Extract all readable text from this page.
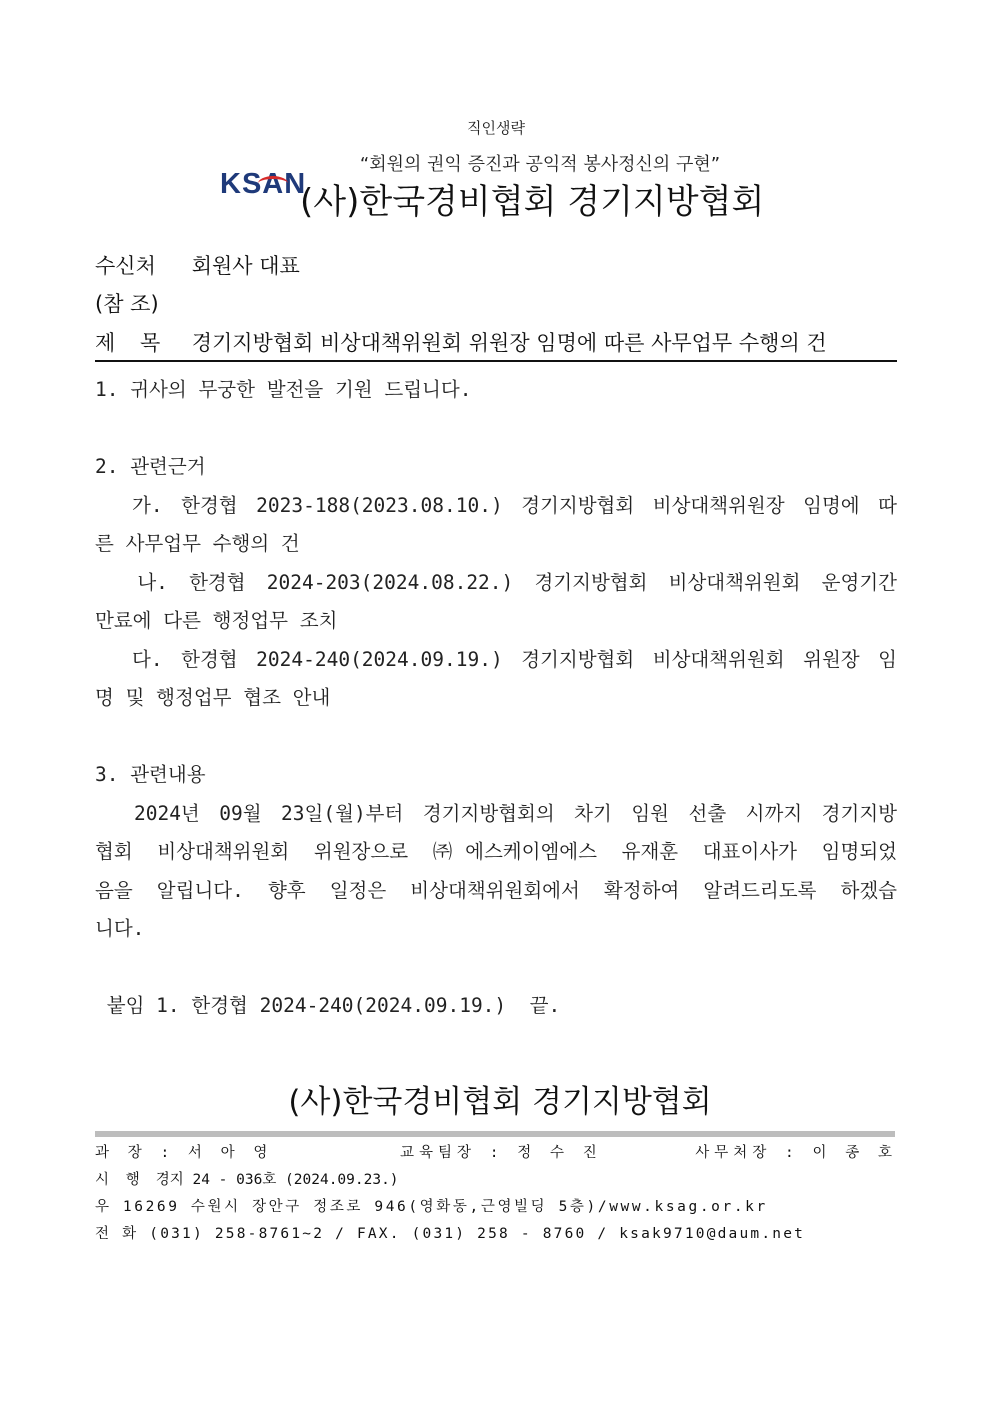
직인생략
“회원의 권익 증진과 공익적 봉사정신의 구현”
KSAN
(사)한국경비협회 경기지방협회
수신처 회원사 대표
(참 조)
제 목 경기지방협회 비상대책위원회 위원장 임명에 따른 사무업무 수행의 건
1. 귀사의 무궁한 발전을 기원 드립니다.
2. 관련근거
가. 한경협 2023-188(2023.08.10.) 경기지방협회 비상대책위원장 임명에 따
른 사무업무 수행의 건
나. 한경협 2024-203(2024.08.22.) 경기지방협회 비상대책위원회 운영기간
만료에 다른 행정업무 조치
다. 한경협 2024-240(2024.09.19.) 경기지방협회 비상대책위원회 위원장 임
명 및 행정업무 협조 안내
3. 관련내용
2024년 09월 23일(월)부터 경기지방협회의 차기 임원 선출 시까지 경기지방
협회 비상대책위원회 위원장으로 ㈜에스케이엠에스 유재훈 대표이사가 임명되었
음을 알립니다. 향후 일정은 비상대책위원회에서 확정하여 알려드리도록 하겠습
니다.
붙임 1. 한경협 2024-240(2024.09.19.)  끝.
(사)한국경비협회 경기지방협회
과 장 : 서 아 영	교육팀장 : 정 수 진	사무처장 : 이 종 호
시 행 경지 24 - 036호 (2024.09.23.)
우 16269 수원시 장안구 정조로 946(영화동,근영빌딩 5층)/www.ksag.or.kr
전 화 (031) 258-8761~2 / FAX. (031) 258 - 8760 / ksak9710@daum.net
